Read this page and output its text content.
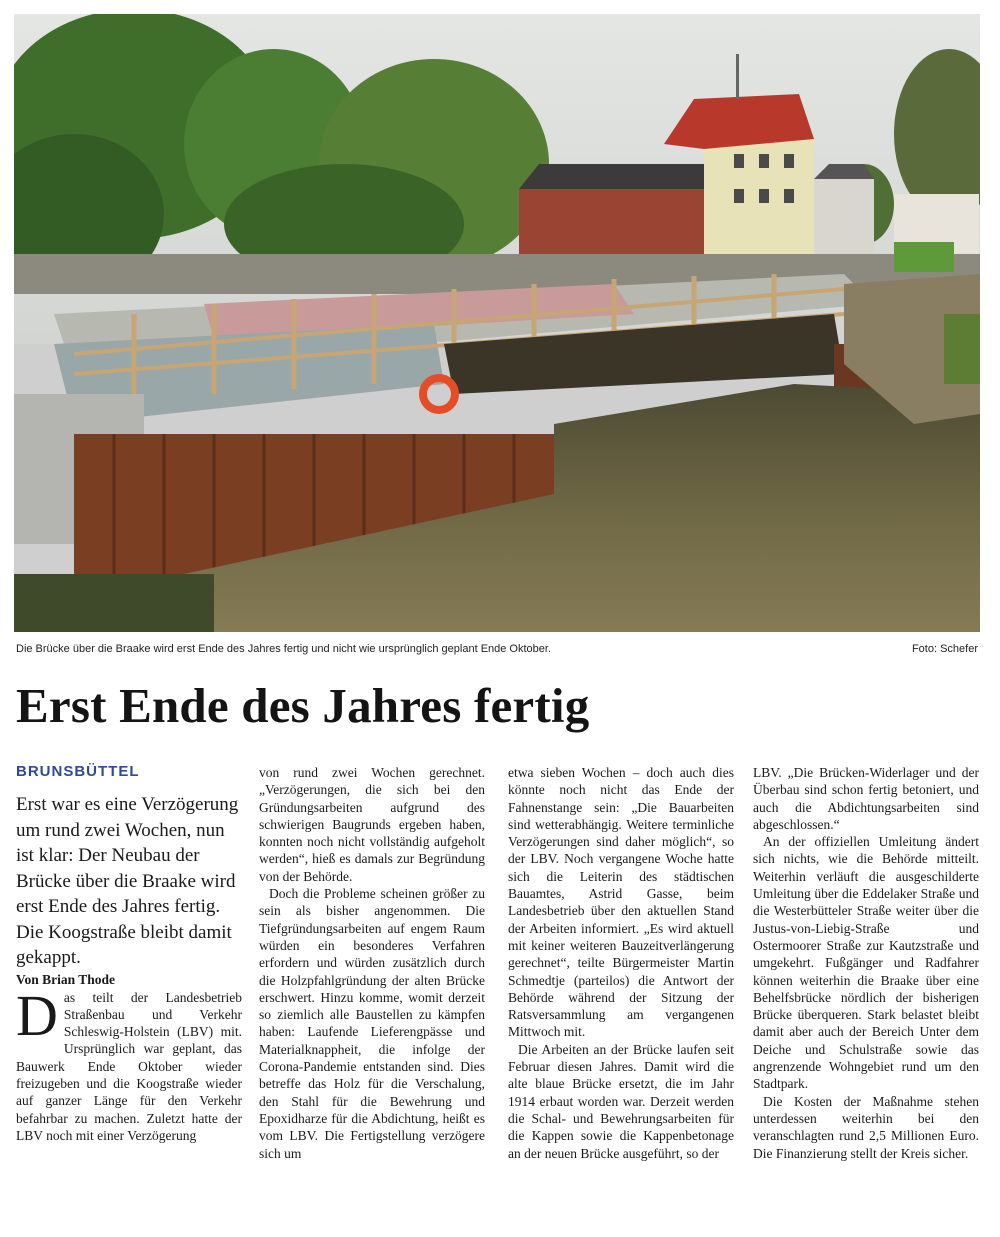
Die Brücke über die Braake wird erst Ende des Jahres fertig und nicht wie ursprünglich geplant Ende Oktober.	Foto: Schefer
Erst Ende des Jahres fertig
BRUNSBÜTTEL

Erst war es eine Verzögerung um rund zwei Wochen, nun ist klar: Der Neubau der Brücke über die Braake wird erst Ende des Jahres fertig. Die Koogstraße bleibt damit gekappt.

Von Brian Thode

Das teilt der Landesbetrieb Straßenbau und Verkehr Schleswig-Holstein (LBV) mit. Ursprünglich war geplant, das Bauwerk Ende Oktober wieder freizugeben und die Koogstraße wieder auf ganzer Länge für den Verkehr befahrbar zu machen. Zuletzt hatte der LBV noch mit einer Verzögerung

von rund zwei Wochen gerechnet. „Verzögerungen, die sich bei den Gründungsarbeiten aufgrund des schwierigen Baugrunds ergeben haben, konnten noch nicht vollständig aufgeholt werden“, hieß es damals zur Begründung von der Behörde.

Doch die Probleme scheinen größer zu sein als bisher angenommen. Die Tiefgründungsarbeiten auf engem Raum würden ein besonderes Verfahren erfordern und würden zusätzlich durch die Holzpfahlgründung der alten Brücke erschwert. Hinzu komme, womit derzeit so ziemlich alle Baustellen zu kämpfen haben: Laufende Lieferengpässe und Materialknappheit, die infolge der Corona-Pandemie entstanden sind. Dies betreffe das Holz für die Verschalung, den Stahl für die Bewehrung und Epoxidharze für die Abdichtung, heißt es vom LBV. Die Fertigstellung verzögere sich um

etwa sieben Wochen – doch auch dies könnte noch nicht das Ende der Fahnenstange sein: „Die Bauarbeiten sind wetterabhängig. Weitere terminliche Verzögerungen sind daher möglich“, so der LBV. Noch vergangene Woche hatte sich die Leiterin des städtischen Bauamtes, Astrid Gasse, beim Landesbetrieb über den aktuellen Stand der Arbeiten informiert. „Es wird aktuell mit keiner weiteren Bauzeitverlängerung gerechnet“, teilte Bürgermeister Martin Schmedtje (parteilos) die Antwort der Behörde während der Sitzung der Ratsversammlung am vergangenen Mittwoch mit.

Die Arbeiten an der Brücke laufen seit Februar diesen Jahres. Damit wird die alte blaue Brücke ersetzt, die im Jahr 1914 erbaut worden war. Derzeit werden die Schal- und Bewehrungsarbeiten für die Kappen sowie die Kappenbetonage an der neuen Brücke ausgeführt, so der

LBV. „Die Brücken-Widerlager und der Überbau sind schon fertig betoniert, und auch die Abdichtungsarbeiten sind abgeschlossen.“

An der offiziellen Umleitung ändert sich nichts, wie die Behörde mitteilt. Weiterhin verläuft die ausgeschilderte Umleitung über die Eddelaker Straße und die Westerbütteler Straße weiter über die Justus-von-Liebig-Straße und Ostermoorer Straße zur Kautzstraße und umgekehrt. Fußgänger und Radfahrer können weiterhin die Braake über eine Behelfsbrücke nördlich der bisherigen Brücke überqueren. Stark belastet bleibt damit aber auch der Bereich Unter dem Deiche und Schulstraße sowie das angrenzende Wohngebiet rund um den Stadtpark.

Die Kosten der Maßnahme stehen unterdessen weiterhin bei den veranschlagten rund 2,5 Millionen Euro. Die Finanzierung stellt der Kreis sicher.
